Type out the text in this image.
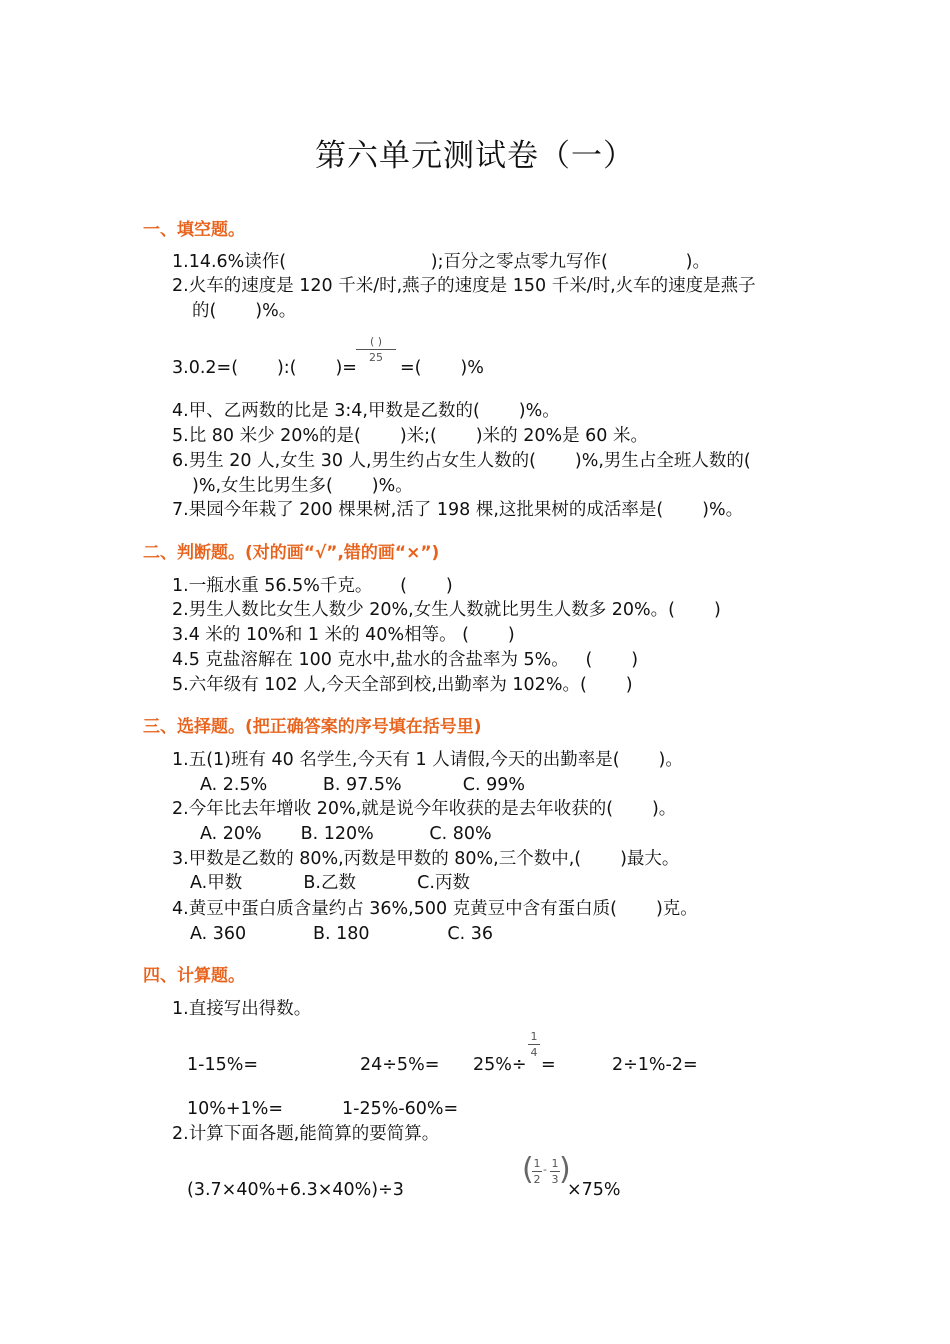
第六单元测试卷（一）
一、填空题。
1.14.6%读作(                          );百分之零点零九写作(              )。
2.火车的速度是 120 千米/时,燕子的速度是 150 千米/时,火车的速度是燕子
的(       )%。
3.0.2=(       ):(       )=
( )
25
=(       )%
4.甲、乙两数的比是 3:4,甲数是乙数的(       )%。
5.比 80 米少 20%的是(       )米;(       )米的 20%是 60 米。
6.男生 20 人,女生 30 人,男生约占女生人数的(       )%,男生占全班人数的(
)%,女生比男生多(       )%。
7.果园今年栽了 200 棵果树,活了 198 棵,这批果树的成活率是(       )%。
二、判断题。(对的画“√”,错的画“×”)
1.一瓶水重 56.5%千克。     (       )
2.男生人数比女生人数少 20%,女生人数就比男生人数多 20%。(       )
3.4 米的 10%和 1 米的 40%相等。 (       )
4.5 克盐溶解在 100 克水中,盐水的含盐率为 5%。   (       )
5.六年级有 102 人,今天全部到校,出勤率为 102%。(       )
三、选择题。(把正确答案的序号填在括号里)
1.五(1)班有 40 名学生,今天有 1 人请假,今天的出勤率是(       )。
A. 2.5%          B. 97.5%           C. 99%
2.今年比去年增收 20%,就是说今年收获的是去年收获的(       )。
A. 20%       B. 120%          C. 80%
3.甲数是乙数的 80%,丙数是甲数的 80%,三个数中,(       )最大。
A.甲数           B.乙数           C.丙数
4.黄豆中蛋白质含量约占 36%,500 克黄豆中含有蛋白质(       )克。
A. 360            B. 180              C. 36
四、计算题。
1.直接写出得数。
1-15%=	24÷5%= 25%÷
1
4
=	2÷1%-2=
10%+1%=	1-25%-60%=
2.计算下面各题,能简算的要简算。
(3.7×40%+6.3×40%)÷3
( 1
2
- 1
3 )
×75%
